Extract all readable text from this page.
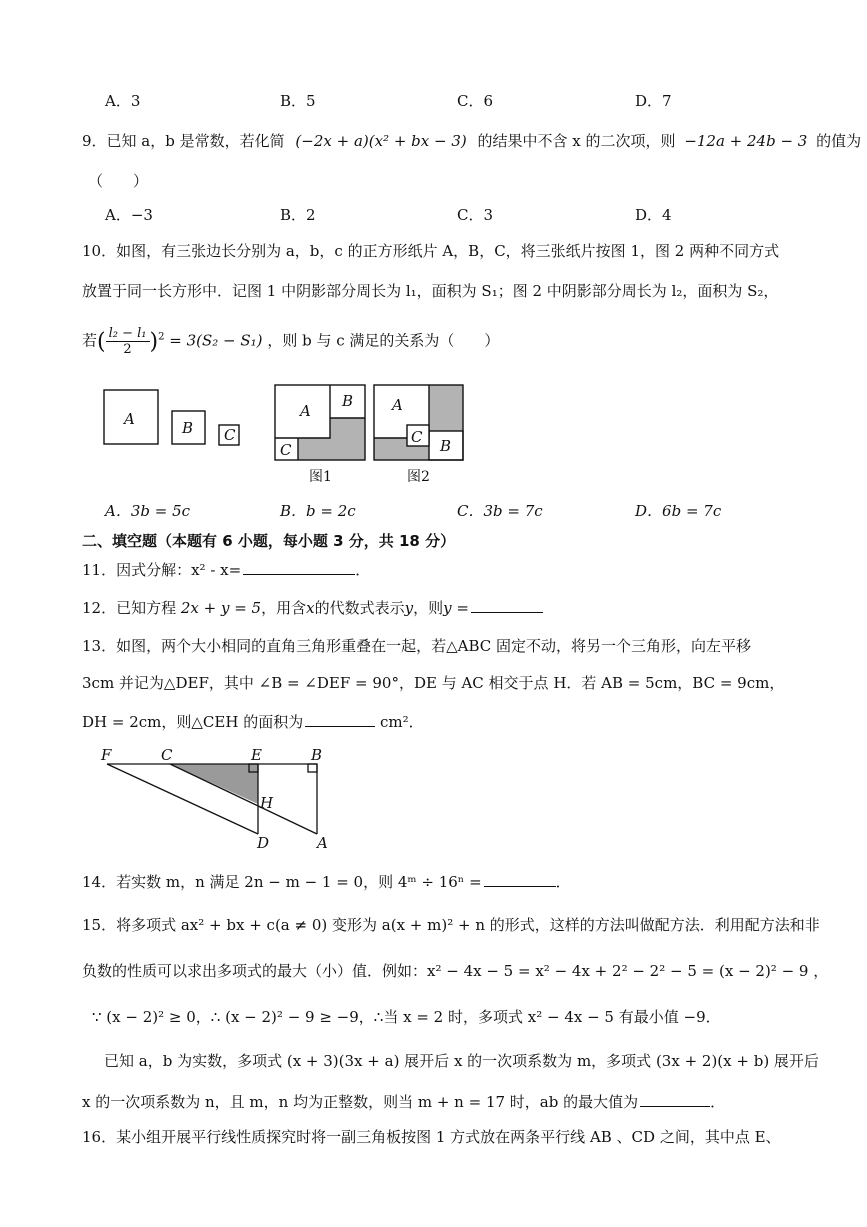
A．3	B．5	C．6	D．7
9．已知 a，b 是常数，若化简 (−2x + a)(x² + bx − 3) 的结果中不含 x 的二次项，则 −12a + 24b − 3 的值为
（　　）
A．−3	B．2	C．3	D．4
10．如图，有三张边长分别为 a，b，c 的正方形纸片 A，B，C，将三张纸片按图 1，图 2 两种不同方式
放置于同一长方形中．记图 1 中阴影部分周长为 l₁，面积为 S₁；图 2 中阴影部分周长为 l₂，面积为 S₂，
若( $\frac{\text{l₂ − l₁}}{2} )^2 = 3(S_2 - S_1)$ ，则 b 与 c 满足的关系为（　　）
A	B C
A
B
C
A
C B
图1	图2
A．3b = 5c	B．b = 2c	C．3b = 7c	D．6b = 7c
二、填空题（本题有 6 小题，每小题 3 分，共 18 分）
11．因式分解：x² - x=	．
12．已知方程 2x + y = 5，用含x的代数式表示y，则y =
13．如图，两个大小相同的直角三角形重叠在一起，若△ABC 固定不动，将另一个三角形，向左平移
3cm 并记为△DEF，其中 ∠B = ∠DEF = 90°，DE 与 AC 相交于点 H．若 AB = 5cm，BC = 9cm，
DH = 2cm，则△CEH 的面积为	cm²．
F	C	E	B
H
D	A
14．若实数 m，n 满足 2n − m − 1 = 0，则 4ᵐ ÷ 16ⁿ =	．
15．将多项式 ax² + bx + c(a ≠ 0) 变形为 a(x + m)² + n 的形式，这样的方法叫做配方法．利用配方法和非
负数的性质可以求出多项式的最大（小）值．例如：x² − 4x − 5 = x² − 4x + 2² − 2² − 5 = (x − 2)² − 9 ，
∵ (x − 2)² ≥ 0，∴ (x − 2)² − 9 ≥ −9，∴当 x = 2 时，多项式 x² − 4x − 5 有最小值 −9．
已知 a，b 为实数，多项式 (x + 3)(3x + a) 展开后 x 的一次项系数为 m，多项式 (3x + 2)(x + b) 展开后
x 的一次项系数为 n，且 m，n 均为正整数，则当 m + n = 17 时，ab 的最大值为	．
16．某小组开展平行线性质探究时将一副三角板按图 1 方式放在两条平行线 AB 、CD 之间，其中点 E、
